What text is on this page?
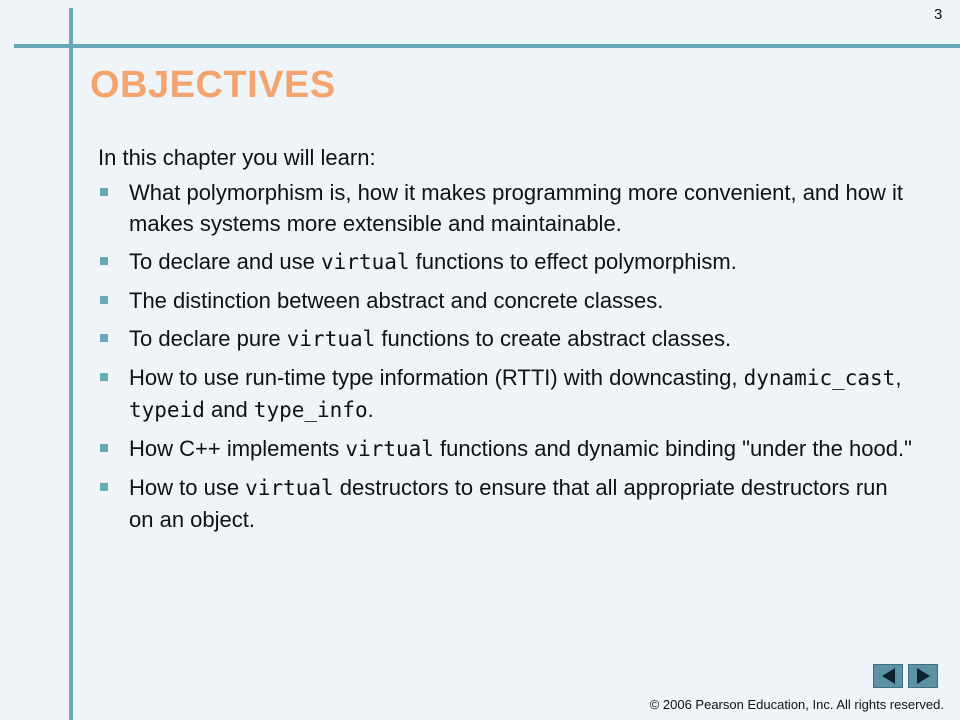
3
OBJECTIVES
In this chapter you will learn:
What polymorphism is, how it makes programming more convenient, and how it makes systems more extensible and maintainable.
To declare and use virtual functions to effect polymorphism.
The distinction between abstract and concrete classes.
To declare pure virtual functions to create abstract classes.
How to use run-time type information (RTTI) with downcasting, dynamic_cast, typeid and type_info.
How C++ implements virtual functions and dynamic binding "under the hood."
How to use virtual destructors to ensure that all appropriate destructors run on an object.
© 2006 Pearson Education, Inc. All rights reserved.
